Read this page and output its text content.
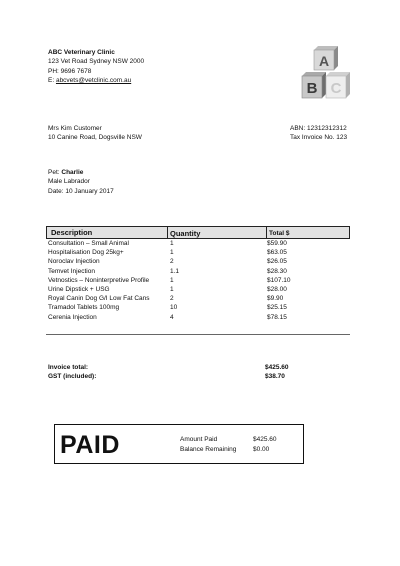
ABC Veterinary Clinic
123 Vet Road Sydney NSW 2000
PH: 9696 7678
E: abcvets@vetclinic.com.au
A
B C
Mrs Kim Customer
10 Canine Road, Dogsville NSW
ABN: 12312312312
Tax Invoice No. 123
Pet: Charlie
Male Labrador
Date: 10 January 2017
Description	Quantity	Total $
Consultation – Small Animal	1	$59.90
Hospitalisation Dog 25kg+	1	$63.05
Noroclav Injection	2	$26.05
Temvet Injection	1.1	$28.30
Vetnostics – Noninterpretive Profile	1	$107.10
Urine Dipstick + USG	1	$28.00
Royal Canin Dog G/I Low Fat Cans	2	$9.90
Tramadol Tablets 100mg	10	$25.15
Cerenia Injection	4	$78.15
Invoice total:	$425.60
GST (included):	$38.70
PAID	Amount Paid	$425.60
Balance Remaining	$0.00
